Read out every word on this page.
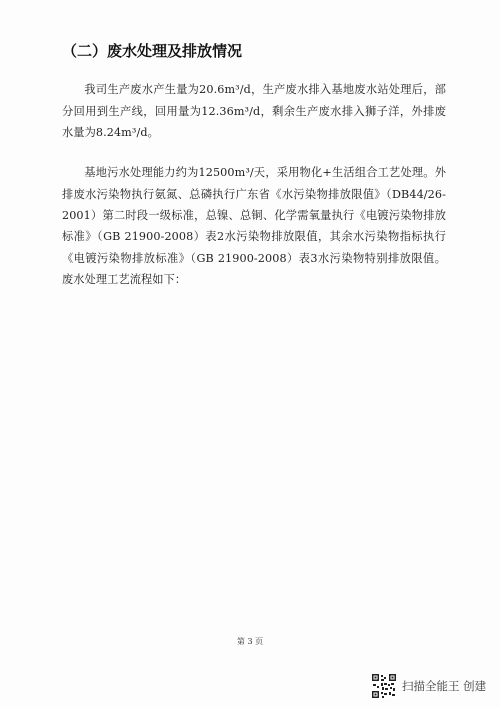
（二）废水处理及排放情况

我司生产废水产生量为20.6m³/d，生产废水排入基地废水站处理后，部分回用到生产线，回用量为12.36m³/d，剩余生产废水排入狮子洋，外排废水量为8.24m³/d。

基地污水处理能力约为12500m³/天，采用物化+生活组合工艺处理。外排废水污染物执行氨氮、总磷执行广东省《水污染物排放限值》（DB44/26-2001）第二时段一级标准，总镍、总铜、化学需氧量执行《电镀污染物排放标准》（GB 21900-2008）表2水污染物排放限值，其余水污染物指标执行《电镀污染物排放标准》（GB 21900-2008）表3水污染物特别排放限值。废水处理工艺流程如下：

第 3 页
扫描全能王 创建
